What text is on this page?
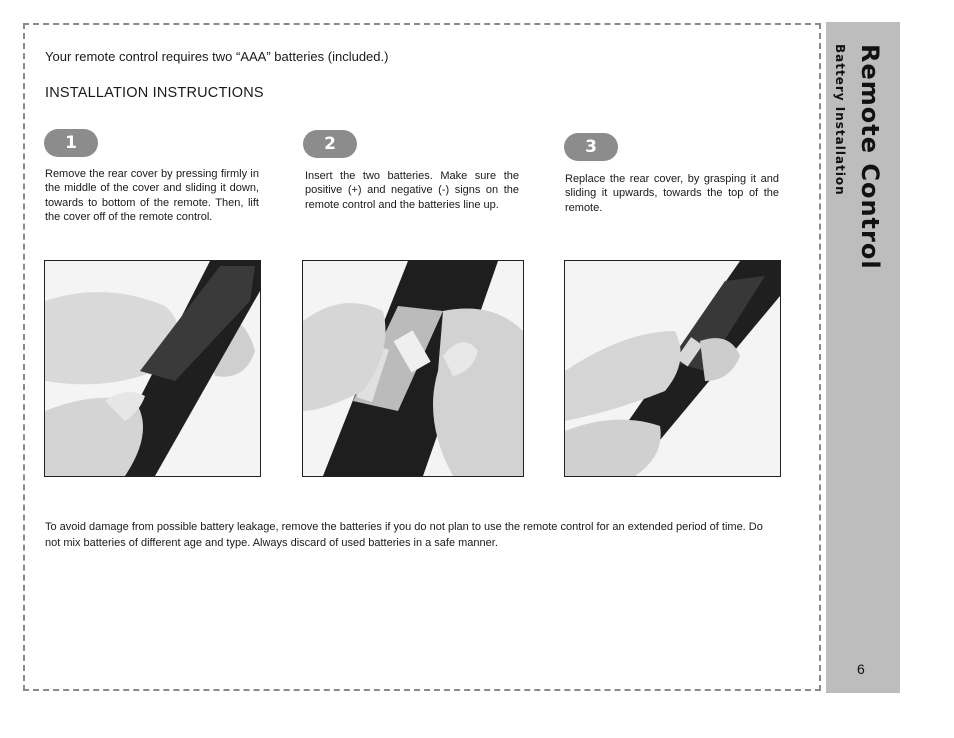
Remote Control
Battery Installation
6
Your remote control requires two “AAA” batteries (included.)
INSTALLATION INSTRUCTIONS
1
Remove the rear cover by pressing firmly in the middle of the cover and sliding it down, towards to bottom of the remote. Then, lift the cover off of the remote control.
2
Insert the two batteries. Make sure the positive (+) and negative (-) signs on the remote control and the batteries line up.
3
Replace the rear cover, by grasping it and sliding it upwards, towards the top of the remote.
To avoid damage from possible battery leakage, remove the batteries if you do not plan to use the remote control for an extended period of time. Do not mix batteries of different age and type. Always discard of used batteries in a safe manner.
